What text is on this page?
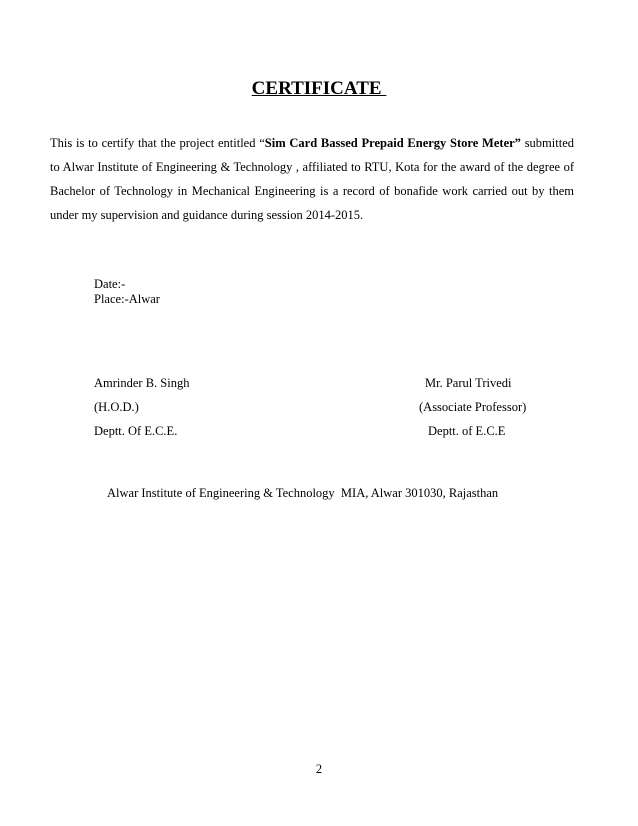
CERTIFICATE

This is to certify that the project entitled “Sim Card Bassed Prepaid Energy Store Meter” submitted to Alwar Institute of Engineering & Technology , affiliated to RTU, Kota for the award of the degree of Bachelor of Technology in Mechanical Engineering is a record of bonafide work carried out by them under my supervision and guidance during session 2014-2015.

Date:-
Place:-Alwar
Amrinder B. Singh
(H.O.D.)
Deptt. Of E.C.E.
Mr. Parul Trivedi
(Associate Professor)
Deptt. of E.C.E
Alwar Institute of Engineering & Technology  MIA, Alwar 301030, Rajasthan
2
